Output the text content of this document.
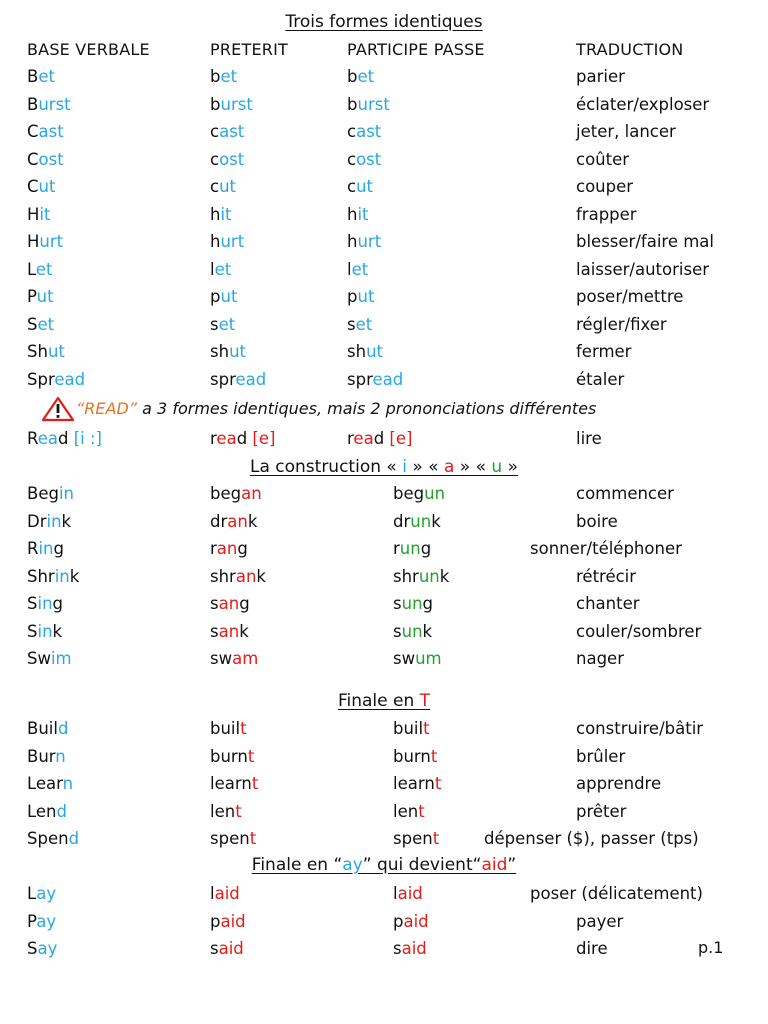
Trois formes identiques
BASE VERBALE	PRETERIT	PARTICIPE PASSE	TRADUCTION
Bet	bet	bet	parier
Burst	burst	burst	éclater/exploser
Cast	cast	cast	jeter, lancer
Cost	cost	cost	coûter
Cut	cut	cut	couper
Hit	hit	hit	frapper
Hurt	hurt	hurt	blesser/faire mal
Let	let	let	laisser/autoriser
Put	put	put	poser/mettre
Set	set	set	régler/fixer
Shut	shut	shut	fermer
Spread	spread	spread	étaler
“READ” a 3 formes identiques, mais 2 prononciations différentes
Read [i :]	read [e]	read [e]	lire
La construction « i » « a » « u »
Begin	began	begun	commencer
Drink	drank	drunk	boire
Ring	rang	rung	sonner/téléphoner
Shrink	shrank	shrunk	rétrécir
Sing	sang	sung	chanter
Sink	sank	sunk	couler/sombrer
Swim	swam	swum	nager
Finale en T
Build	built	built	construire/bâtir
Burn	burnt	burnt	brûler
Learn	learnt	learnt	apprendre
Lend	lent	lent	prêter
Spend	spent	spent	dépenser ($), passer (tps)
Finale en “ay” qui devient“aid”
Lay	laid	laid	poser (délicatement)
Pay	paid	paid	payer
Say	said	said	dire	p.1
